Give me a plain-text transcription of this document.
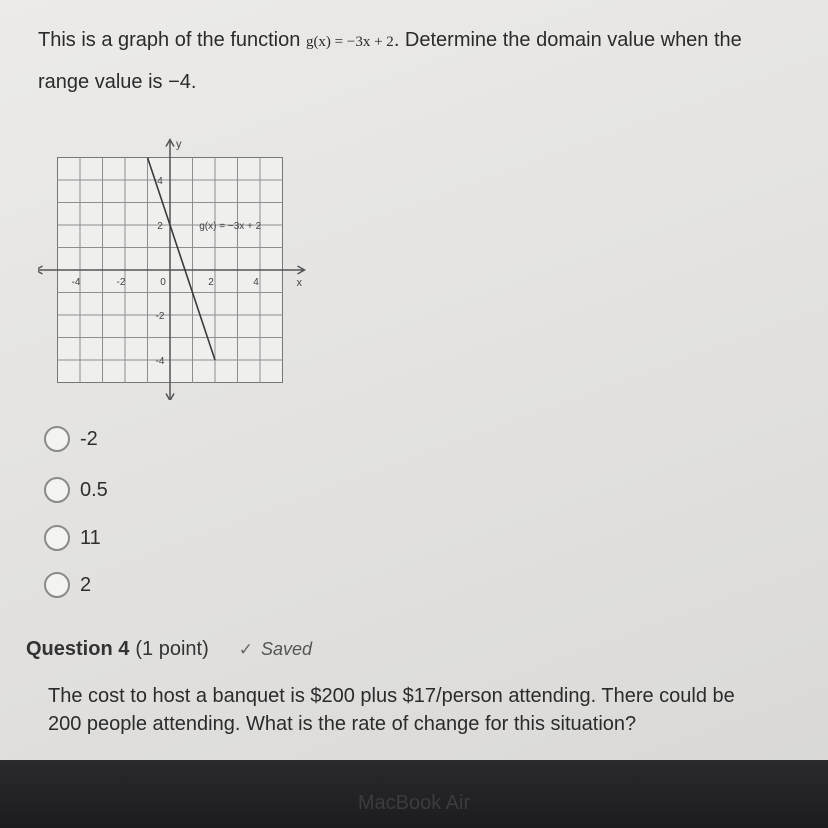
This is a graph of the function g(x) = −3x + 2. Determine the domain value when the
range value is −4.
y
x
-4	-2	0	2	4
4
2
-2
-4
g(x) = −3x + 2
-2
0.5
11
2
Question 4 (1 point) ✓ Saved
The cost to host a banquet is $200 plus $17/person attending. There could be
200 people attending. What is the rate of change for this situation?
MacBook Air
